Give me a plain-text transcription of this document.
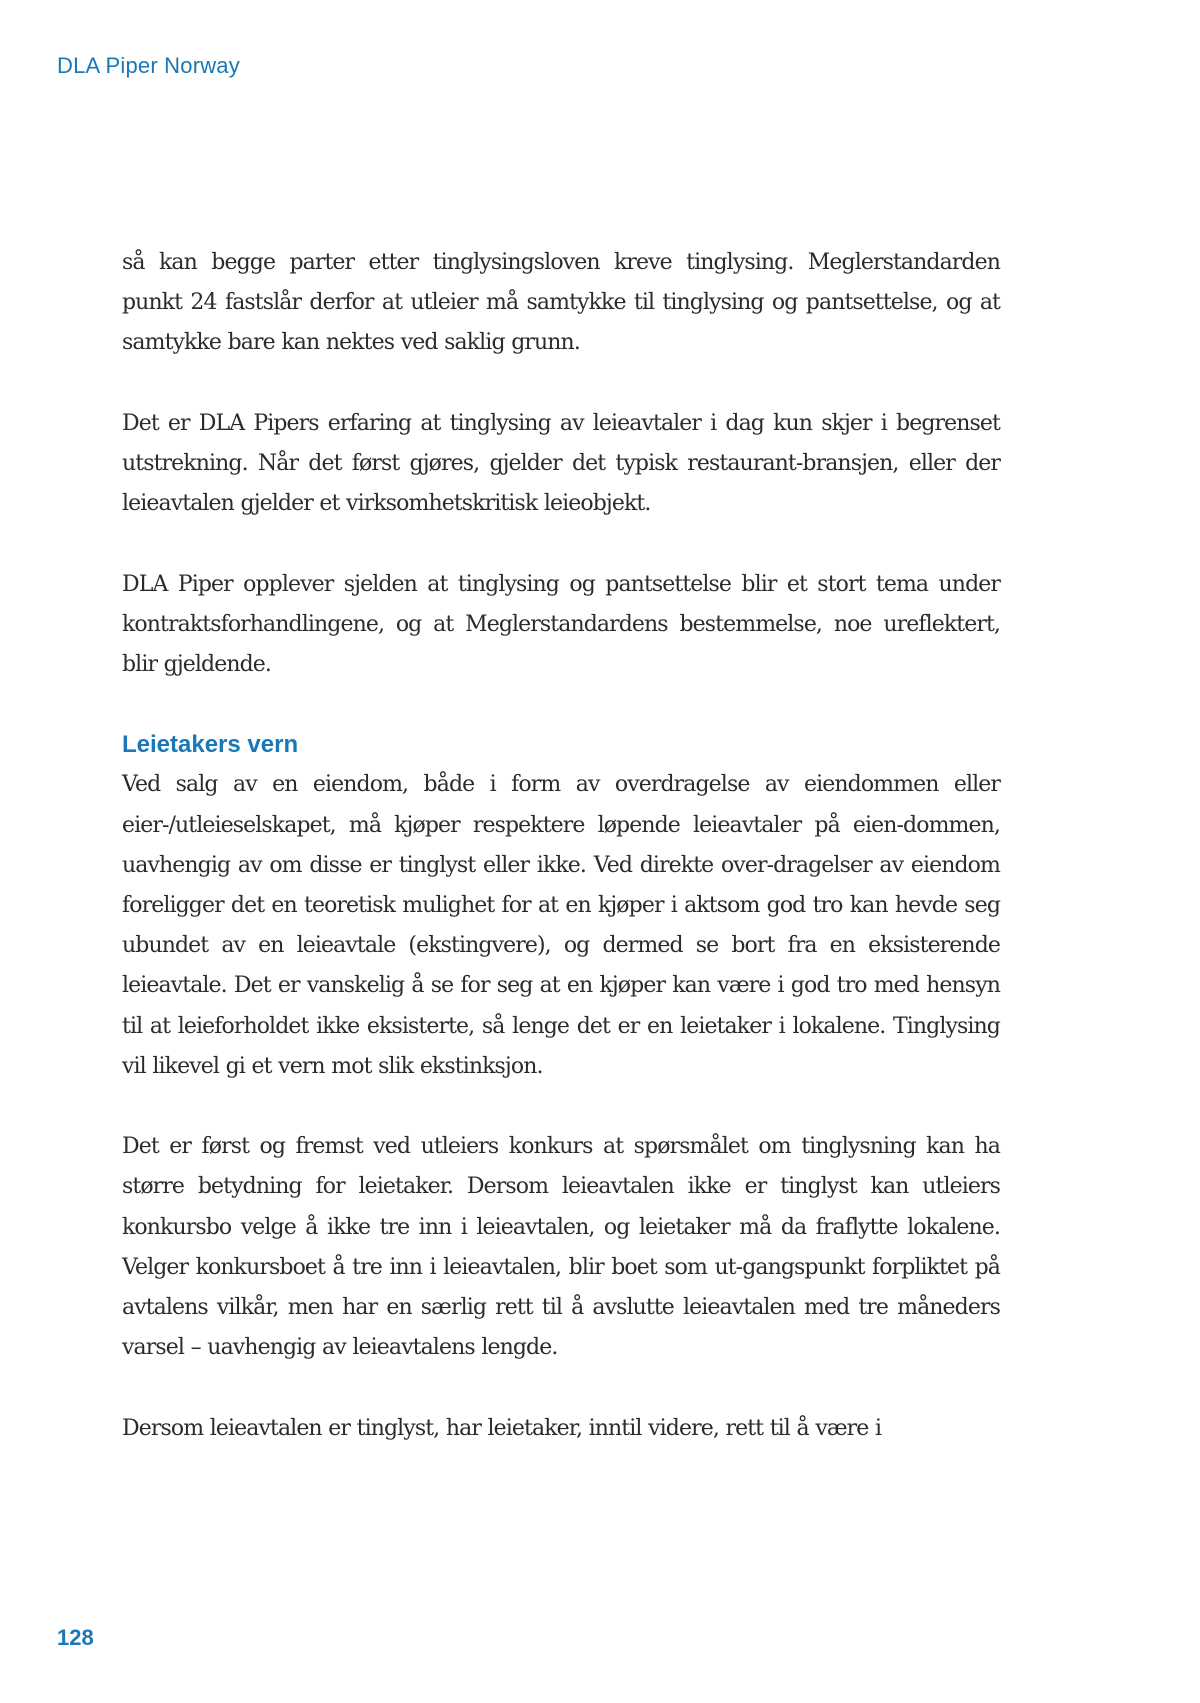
DLA Piper Norway

så kan begge parter etter tinglysingsloven kreve tinglysing. Meglerstandarden punkt 24 fastslår derfor at utleier må samtykke til tinglysing og pantsettelse, og at samtykke bare kan nektes ved saklig grunn.

Det er DLA Pipers erfaring at tinglysing av leieavtaler i dag kun skjer i begrenset utstrekning. Når det først gjøres, gjelder det typisk restaurant-bransjen, eller der leieavtalen gjelder et virksomhetskritisk leieobjekt.

DLA Piper opplever sjelden at tinglysing og pantsettelse blir et stort tema under kontraktsforhandlingene, og at Meglerstandardens bestemmelse, noe ureflektert, blir gjeldende.

Leietakers vern

Ved salg av en eiendom, både i form av overdragelse av eiendommen eller eier-/utleieselskapet, må kjøper respektere løpende leieavtaler på eien-dommen, uavhengig av om disse er tinglyst eller ikke. Ved direkte over-dragelser av eiendom foreligger det en teoretisk mulighet for at en kjøper i aktsom god tro kan hevde seg ubundet av en leieavtale (ekstingvere), og dermed se bort fra en eksisterende leieavtale. Det er vanskelig å se for seg at en kjøper kan være i god tro med hensyn til at leieforholdet ikke eksisterte, så lenge det er en leietaker i lokalene. Tinglysing vil likevel gi et vern mot slik ekstinksjon.

Det er først og fremst ved utleiers konkurs at spørsmålet om tinglysning kan ha større betydning for leietaker. Dersom leieavtalen ikke er tinglyst kan utleiers konkursbo velge å ikke tre inn i leieavtalen, og leietaker må da fraflytte lokalene. Velger konkursboet å tre inn i leieavtalen, blir boet som ut-gangspunkt forpliktet på avtalens vilkår, men har en særlig rett til å avslutte leieavtalen med tre måneders varsel – uavhengig av leieavtalens lengde.

Dersom leieavtalen er tinglyst, har leietaker, inntil videre, rett til å være i

128
